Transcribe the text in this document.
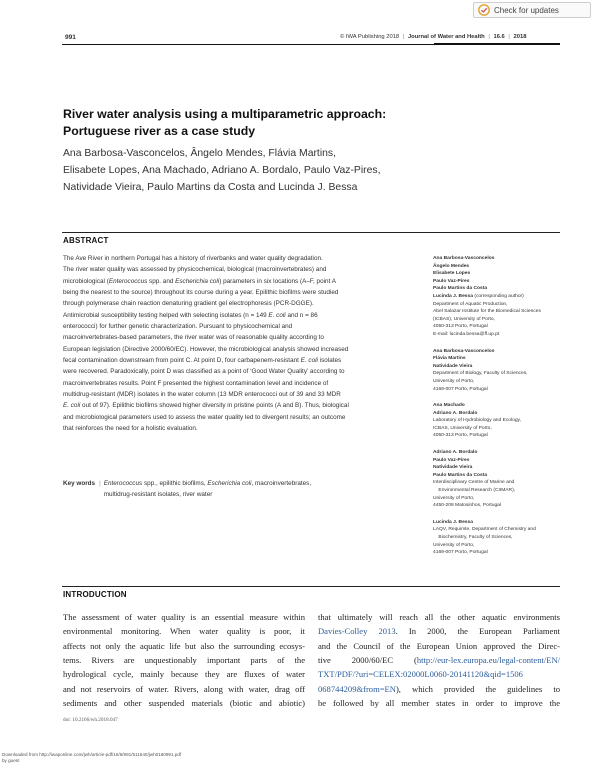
Check for updates
991	© IWA Publishing 2018 | Journal of Water and Health | 16.6 | 2018
River water analysis using a multiparametric approach: Portuguese river as a case study
Ana Barbosa-Vasconcelos, Ângelo Mendes, Flávia Martins,
Elisabete Lopes, Ana Machado, Adriano A. Bordalo, Paulo Vaz-Pires,
Natividade Vieira, Paulo Martins da Costa and Lucinda J. Bessa
ABSTRACT
The Ave River in northern Portugal has a history of riverbanks and water quality degradation.
The river water quality was assessed by physicochemical, biological (macroinvertebrates) and
microbiological (Enterococcus spp. and Escherichia coli) parameters in six locations (A–F, point A
being the nearest to the source) throughout its course during a year. Epilithic biofilms were studied
through polymerase chain reaction denaturing gradient gel electrophoresis (PCR-DGGE).
Antimicrobial susceptibility testing helped with selecting isolates (n = 149 E. coli and n = 86
enterococci) for further genetic characterization. Pursuant to physicochemical and
macroinvertebrates-based parameters, the river water was of reasonable quality according to
European legislation (Directive 2000/60/EC). However, the microbiological analysis showed increased
fecal contamination downstream from point C. At point D, four carbapenem-resistant E. coli isolates
were recovered. Paradoxically, point D was classified as a point of ‘Good Water Quality’ according to
macroinvertebrates results. Point F presented the highest contamination level and incidence of
multidrug-resistant (MDR) isolates in the water column (13 MDR enterococci out of 39 and 33 MDR
E. coli out of 97). Epilithic biofilms showed higher diversity in pristine points (A and B). Thus, biological
and microbiological parameters used to assess the water quality led to divergent results; an outcome
that reinforces the need for a holistic evaluation.
Key words | Enterococcus spp., epilithic biofilms, Escherichia coli, macroinvertebrates,
multidrug-resistant isolates, river water
Ana Barbosa-Vasconcelos
Ângelo Mendes
Elisabete Lopes
Paulo Vaz-Pires
Paulo Martins da Costa
Lucinda J. Bessa (corresponding author)
Department of Aquatic Production,
Abel Salazar Institute for the Biomedical Sciences
(ICBAS), University of Porto,
4050-313 Porto, Portugal
E-mail: lucinda.bessa@ff.up.pt
Ana Barbosa-Vasconcelos
Flávia Martins
Natividade Vieira
Department of Biology, Faculty of Sciences,
University of Porto,
4169-007 Porto, Portugal
Ana Machado
Adriano A. Bordalo
Laboratory of Hydrobiology and Ecology,
ICBAS, University of Porto,
4050-313 Porto, Portugal
Adriano A. Bordalo
Paulo Vaz-Pires
Natividade Vieira
Paulo Martins da Costa
Interdisciplinary Centre of Marine and
Environmental Research (CIIMAR),
University of Porto,
4450-208 Matosinhos, Portugal
Lucinda J. Bessa
LAQV, Requimte, Department of Chemistry and
Biochemistry, Faculty of Sciences,
University of Porto,
4169-007 Porto, Portugal
INTRODUCTION
The assessment of water quality is an essential measure within
environmental monitoring. When water quality is poor, it
affects not only the aquatic life but also the surrounding ecosys-
tems. Rivers are unquestionably important parts of the
hydrological cycle, mainly because they are fluxes of water
and not reservoirs of water. Rivers, along with water, drag off
sediments and other suspended materials (biotic and abiotic)
that ultimately will reach all the other aquatic environments
Davies-Colley 2013. In 2000, the European Parliament
and the Council of the European Union approved the Direc-
tive 2000/60/EC (http://eur-lex.europa.eu/legal-content/EN/
TXT/PDF/?uri=CELEX:02000L0060-20141120&qid=1506
068744209&from=EN), which provided the guidelines to
be followed by all member states in order to improve the
doi: 10.2166/wh.2018.047
Downloaded from http://iwaponline.com/jwh/article-pdf/16/6/991/511640/jwh0160991.pdf
by guest
